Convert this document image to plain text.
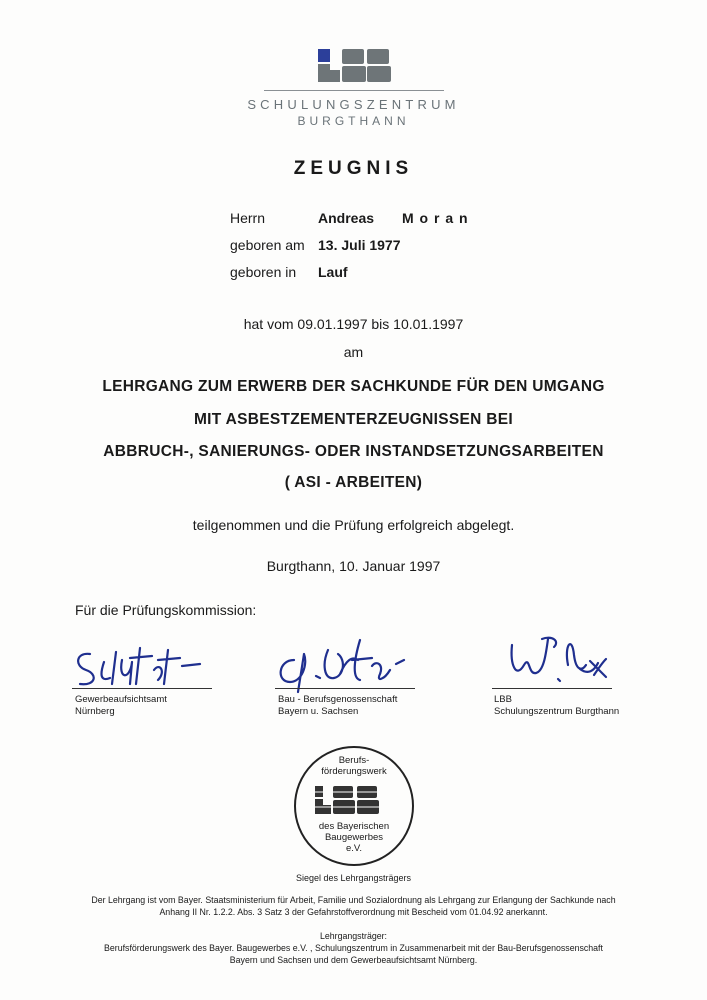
SCHULUNGSZENTRUM
BURGTHANN
ZEUGNIS
Herrn	Andreas M o r a n
geboren am 13. Juli 1977
geboren in Lauf
hat vom 09.01.1997 bis 10.01.1997
am
LEHRGANG ZUM ERWERB DER SACHKUNDE FÜR DEN UMGANG
MIT ASBESTZEMENTERZEUGNISSEN BEI
ABBRUCH-, SANIERUNGS- ODER INSTANDSETZUNGSARBEITEN
( ASI - ARBEITEN)
teilgenommen und die Prüfung erfolgreich abgelegt.
Burgthann, 10. Januar 1997
Für die Prüfungskommission:
Gewerbeaufsichtsamt
Nürnberg
Bau - Berufsgenossenschaft
Bayern u. Sachsen
LBB
Schulungszentrum Burgthann
Berufs-
förderungswerk
des Bayerischen
Baugewerbes
e.V.
Siegel des Lehrgangsträgers
Der Lehrgang ist vom Bayer. Staatsministerium für Arbeit, Familie und Sozialordnung als Lehrgang zur Erlangung der Sachkunde nach
Anhang II Nr. 1.2.2. Abs. 3 Satz 3 der Gefahrstoffverordnung mit Bescheid vom 01.04.92 anerkannt.
Lehrgangsträger:
Berufsförderungswerk des Bayer. Baugewerbes e.V. , Schulungszentrum in Zusammenarbeit mit der Bau-Berufsgenossenschaft
Bayern und Sachsen und dem Gewerbeaufsichtsamt Nürnberg.
